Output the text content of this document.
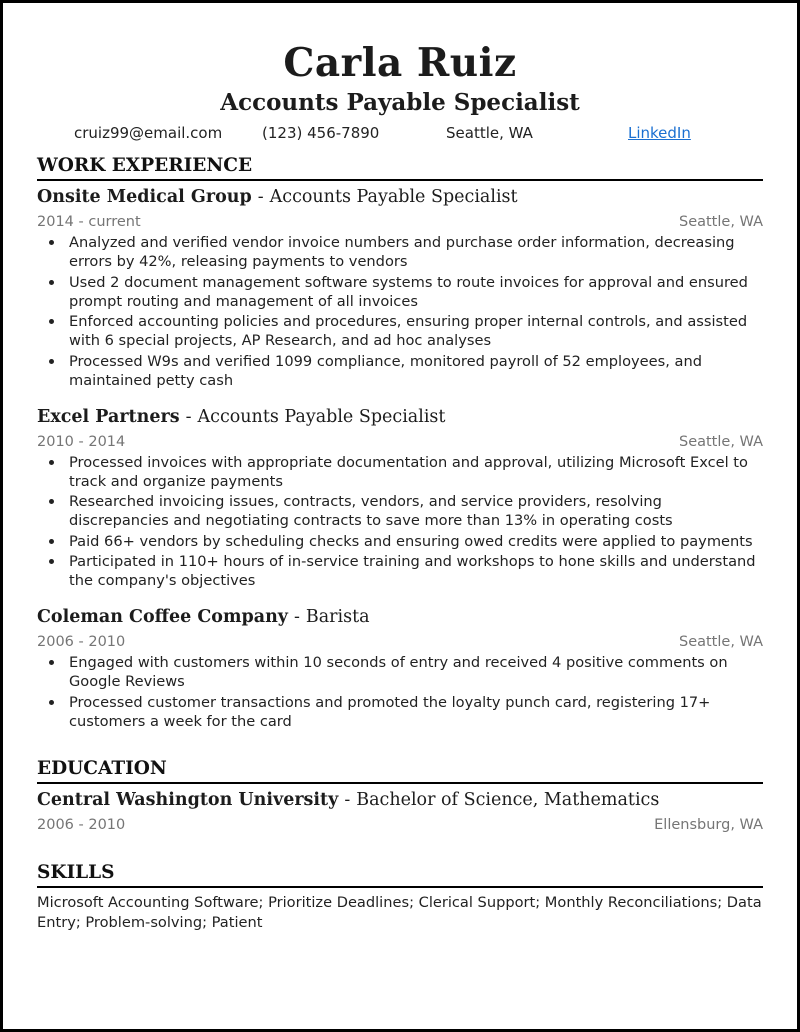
Carla Ruiz
Accounts Payable Specialist
cruiz99@email.com	(123) 456-7890	Seattle, WA	LinkedIn
WORK EXPERIENCE
Onsite Medical Group - Accounts Payable Specialist
2014 - current	Seattle, WA
Analyzed and verified vendor invoice numbers and purchase order information, decreasing errors by 42%, releasing payments to vendors
Used 2 document management software systems to route invoices for approval and ensured prompt routing and management of all invoices
Enforced accounting policies and procedures, ensuring proper internal controls, and assisted with 6 special projects, AP Research, and ad hoc analyses
Processed W9s and verified 1099 compliance, monitored payroll of 52 employees, and maintained petty cash
Excel Partners - Accounts Payable Specialist
2010 - 2014	Seattle, WA
Processed invoices with appropriate documentation and approval, utilizing Microsoft Excel to track and organize payments
Researched invoicing issues, contracts, vendors, and service providers, resolving discrepancies and negotiating contracts to save more than 13% in operating costs
Paid 66+ vendors by scheduling checks and ensuring owed credits were applied to payments
Participated in 110+ hours of in-service training and workshops to hone skills and understand the company's objectives
Coleman Coffee Company - Barista
2006 - 2010	Seattle, WA
Engaged with customers within 10 seconds of entry and received 4 positive comments on Google Reviews
Processed customer transactions and promoted the loyalty punch card, registering 17+ customers a week for the card
EDUCATION
Central Washington University - Bachelor of Science, Mathematics
2006 - 2010	Ellensburg, WA
SKILLS
Microsoft Accounting Software; Prioritize Deadlines; Clerical Support; Monthly Reconciliations; Data Entry; Problem-solving; Patient
